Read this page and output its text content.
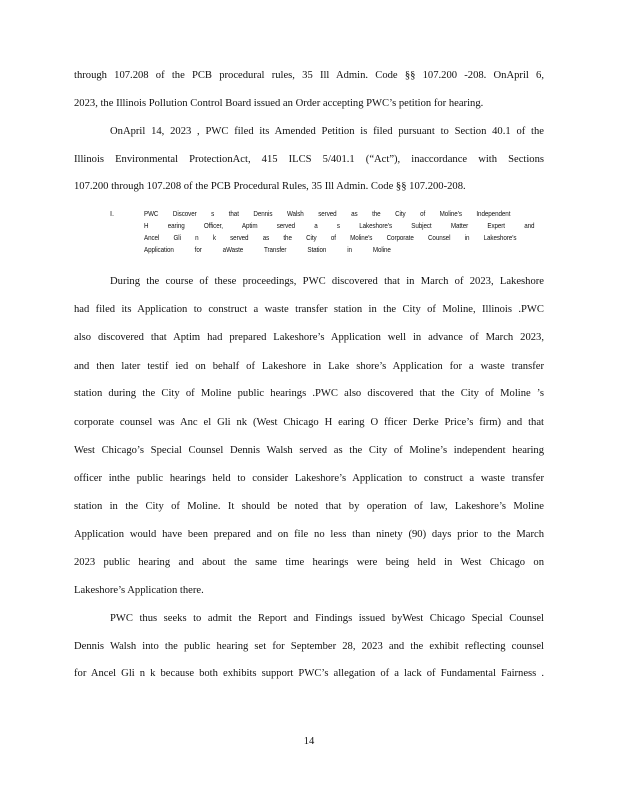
through 107.208 of the PCB procedural rules, 35 Ill Admin. Code §§ 107.200 -208. OnApril 6,
2023, the Illinois Pollution Control Board issued an Order accepting PWC’s petition for hearing.
OnApril 14, 2023 , PWC filed its Amended Petition is filed pursuant to Section 40.1 of the
Illinois Environmental ProtectionAct, 415 ILCS 5/401.1 (“Act”), inaccordance with Sections
107.200 through 107.208 of the PCB Procedural Rules, 35 Ill Admin. Code §§ 107.200-208.
I.	PWC Discover s that Dennis Walsh served as the City of Moline’s Independent
H earing Officer, Aptim served a s Lakeshore’s Subject Matter Expert and
Ancel Gli n k served as the City of Moline’s Corporate Counsel in Lakeshore’s
Application for aWaste Transfer Station in Moline
During the course of these proceedings, PWC discovered that in March of 2023, Lakeshore
had filed its Application to construct a waste transfer station in the City of Moline, Illinois .PWC
also discovered that Aptim had prepared Lakeshore’s Application well in advance of March 2023,
and then later testif ied on behalf of Lakeshore in Lake shore’s Application for a waste transfer
station during the City of Moline public hearings .PWC also discovered that the City of Moline ’s
corporate counsel was Anc el Gli nk (West Chicago H earing O fficer Derke Price’s firm) and that
West Chicago’s Special Counsel Dennis Walsh served as the City of Moline’s independent hearing
officer inthe public hearings held to consider Lakeshore’s Application to construct a waste transfer
station in the City of Moline. It should be noted that by operation of law, Lakeshore’s Moline
Application would have been prepared and on file no less than ninety (90) days prior to the March
2023 public hearing and about the same time hearings were being held in West Chicago on
Lakeshore’s Application there.
PWC thus seeks to admit the Report and Findings issued byWest Chicago Special Counsel
Dennis Walsh into the public hearing set for September 28, 2023 and the exhibit reflecting counsel
for Ancel Gli n k because both exhibits support PWC’s allegation of a lack of Fundamental Fairness .
14
